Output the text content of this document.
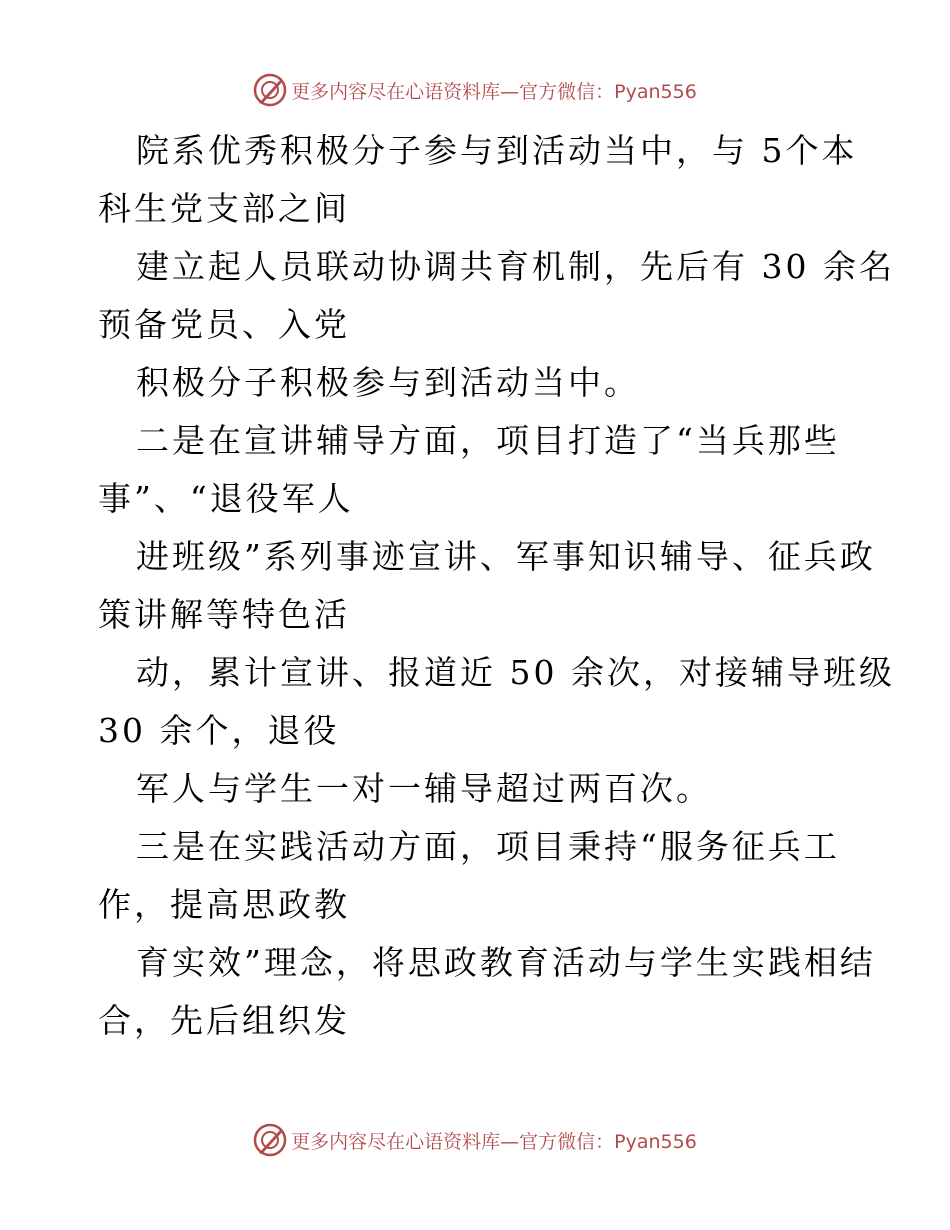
更多内容尽在心语资料库—官方微信：Pyan556
院系优秀积极分子参与到活动当中，与 5个本
科生党支部之间
建立起人员联动协调共育机制，先后有 30 余名
预备党员、入党
积极分子积极参与到活动当中。
二是在宣讲辅导方面，项目打造了“当兵那些
事”、“退役军人
进班级”系列事迹宣讲、军事知识辅导、征兵政
策讲解等特色活
动，累计宣讲、报道近 50 余次，对接辅导班级
30 余个，退役
军人与学生一对一辅导超过两百次。
三是在实践活动方面，项目秉持“服务征兵工
作，提高思政教
育实效”理念，将思政教育活动与学生实践相结
合，先后组织发
更多内容尽在心语资料库—官方微信：Pyan556
